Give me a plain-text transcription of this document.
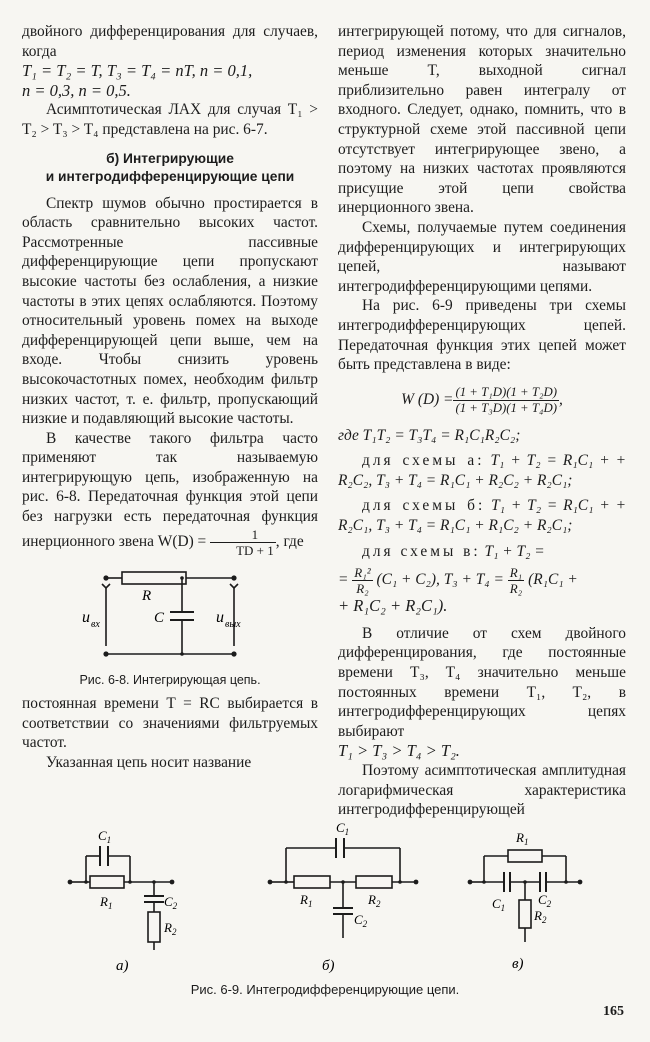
двойного дифференцирования для случаев, когда

T₁ = T₂ = T, T₃ = T₄ = nT, n = 0,1,

n = 0,3, n = 0,5.

Асимптотическая ЛАХ для случая T₁ > T₂ > T₃ > T₄ представлена на рис. 6-7.

б) Интегрирующие
и интегродифференцирующие цепи

Спектр шумов обычно простирается в область сравнительно высоких частот. Рассмотренные пассивные дифференцирующие цепи пропускают высокие частоты без ослабления, а низкие частоты в этих цепях ослабляются. Поэтому относительный уровень помех на выходе дифференцирующей цепи выше, чем на входе. Чтобы снизить уровень высокочастотных помех, необходим фильтр низких частот, т. е. фильтр, пропускающий низкие и подавляющий высокие частоты.

В качестве такого фильтра часто применяют так называемую интегрирующую цепь, изображенную на рис. 6-8. Передаточная функция этой цепи без нагрузки есть передаточная функция инерционного звена $W(D) = \frac{1}{TD + 1}$ , где

R
C
u вх	u вых
Рис. 6-8. Интегрирующая цепь.

постоянная времени T = RC выбирается в соответствии со значениями фильтруемых частот.

Указанная цепь носит название

интегрирующей потому, что для сигналов, период изменения которых значительно меньше T, выходной сигнал приблизительно равен интегралу от входного. Следует, однако, помнить, что в структурной схеме этой пассивной цепи отсутствует интегрирующее звено, а поэтому на низких частотах проявляются присущие этой цепи свойства инерционного звена.

Схемы, получаемые путем соединения дифференцирующих и интегрирующих цепей, называют интегродифференцирующими цепями.

На рис. 6-9 приведены три схемы интегродифференцирующих цепей. Передаточная функция этих цепей может быть представлена в виде:

W $(D) = \frac{\text{(1 + T₁D)(1 + T₂D)}}{\text{(1 + T₃D)(1 + T₄D)}}$ ,

где T₁T₂ = T₃T₄ = R₁C₁R₂C₂;

для схемы а: T₁ + T₂ = R₁C₁ + + R₂C₂, T₃ + T₄ = R₁C₁ + R₂C₂ + R₂C₁;

для схемы б: T₁ + T₂ = R₁C₁ + + R₂C₁, T₃ + T₄ = R₁C₁ + R₁C₂ + R₂C₁;

для схемы в: T₁ + T₂ =

= $\frac{\text{R₁²}}{\text{R₂}} (C_1 + C_2)$, $T_3 + T_4 = \frac{\text{R₁}}{\text{R₂}} (R_1C_1$ +

+ R₁C₂ + R₂C₁).

В отличие от схем двойного дифференцирования, где постоянные времени T₃, T₄ значительно меньше постоянных времени T₁, T₂, в интегродифференцирующих цепях выбирают

T₁ > T₃ > T₄ > T₂.

Поэтому асимптотическая амплитудная логарифмическая характеристика интегродифференцирующей

$C_1$
$R_1$	$C_2$
$R_2$
а)
$C_1$
$R_1$	$R_2$
$C_2$
б)
$R_1$
$C_1$
$C_2$
$R_2$
в)
Рис. 6-9. Интегродифференцирующие цепи.
165
